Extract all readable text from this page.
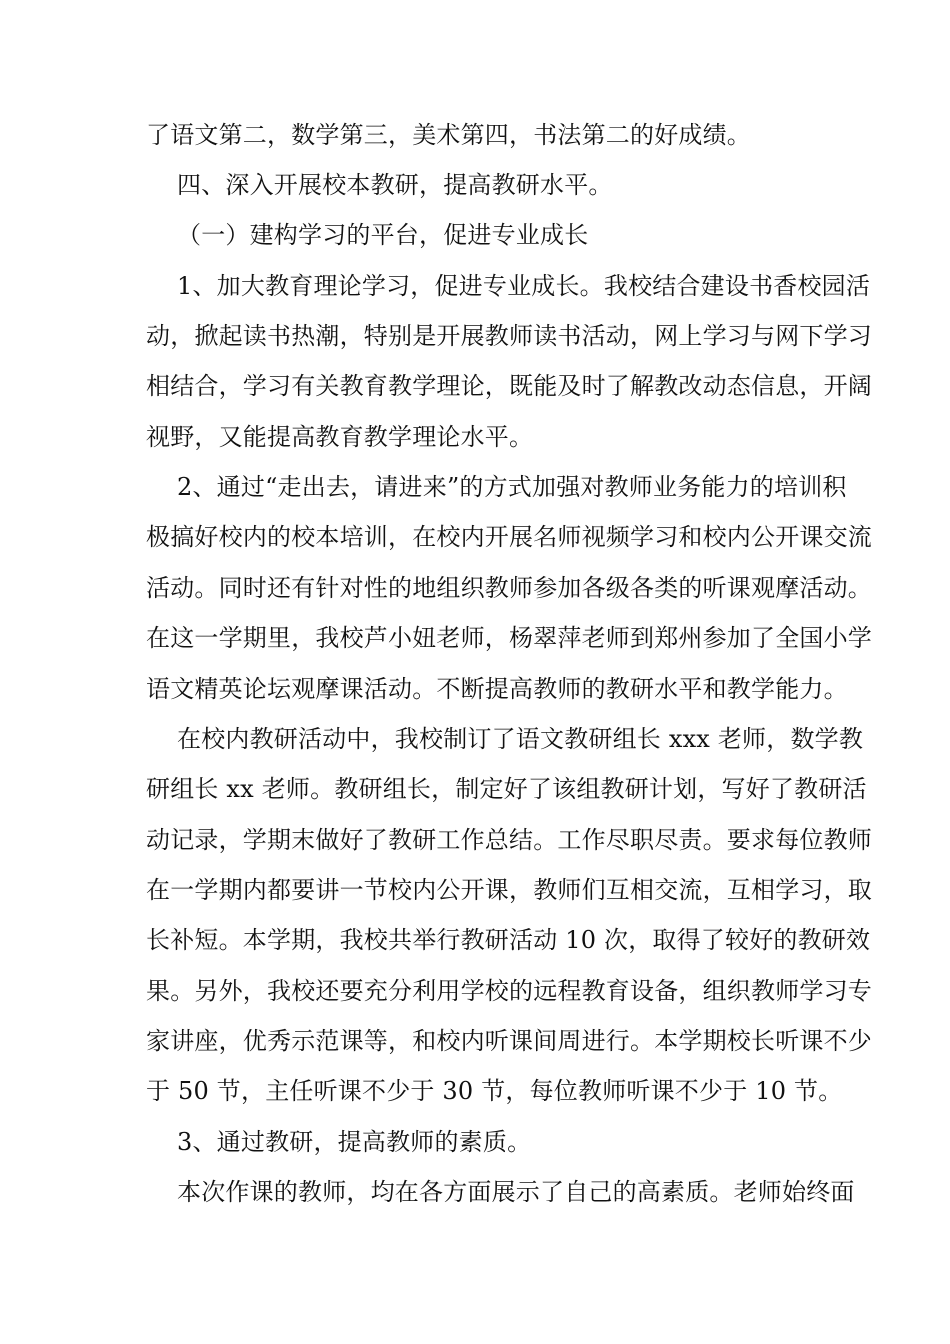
了语文第二，数学第三，美术第四，书法第二的好成绩。
四、深入开展校本教研，提高教研水平。
（一）建构学习的平台，促进专业成长
1、加大教育理论学习，促进专业成长。我校结合建设书香校园活
动，掀起读书热潮，特别是开展教师读书活动，网上学习与网下学习
相结合，学习有关教育教学理论，既能及时了解教改动态信息，开阔
视野，又能提高教育教学理论水平。
2、通过“走出去，请进来”的方式加强对教师业务能力的培训积
极搞好校内的校本培训，在校内开展名师视频学习和校内公开课交流
活动。同时还有针对性的地组织教师参加各级各类的听课观摩活动。
在这一学期里，我校芦小妞老师，杨翠萍老师到郑州参加了全国小学
语文精英论坛观摩课活动。不断提高教师的教研水平和教学能力。
在校内教研活动中，我校制订了语文教研组长 xxx 老师，数学教
研组长 xx 老师。教研组长，制定好了该组教研计划，写好了教研活
动记录，学期末做好了教研工作总结。工作尽职尽责。要求每位教师
在一学期内都要讲一节校内公开课，教师们互相交流，互相学习，取
长补短。本学期，我校共举行教研活动 10 次，取得了较好的教研效
果。另外，我校还要充分利用学校的远程教育设备，组织教师学习专
家讲座，优秀示范课等，和校内听课间周进行。本学期校长听课不少
于 50 节，主任听课不少于 30 节，每位教师听课不少于 10 节。
3、通过教研，提高教师的素质。
本次作课的教师，均在各方面展示了自己的高素质。老师始终面
